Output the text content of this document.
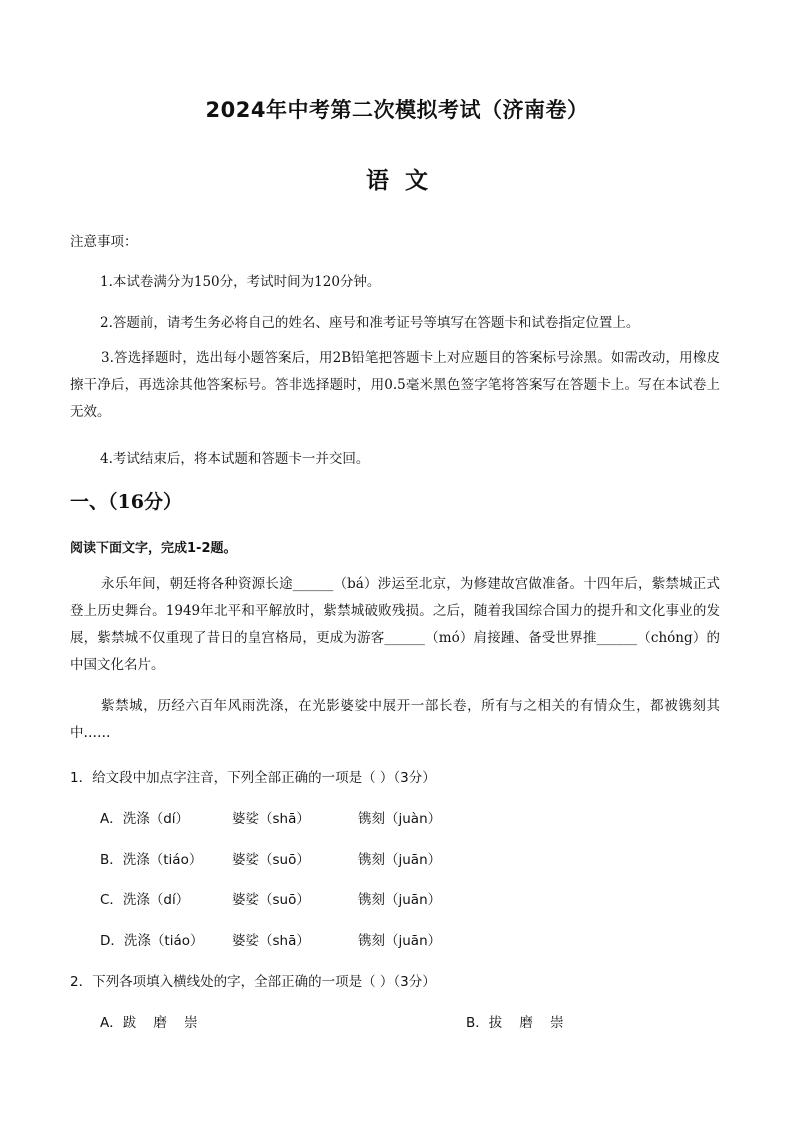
2024年中考第二次模拟考试（济南卷）
语  文
注意事项：
1.本试卷满分为150分，考试时间为120分钟。
2.答题前，请考生务必将自己的姓名、座号和准考证号等填写在答题卡和试卷指定位置上。
3.答选择题时，选出每小题答案后，用2B铅笔把答题卡上对应题目的答案标号涂黑。如需改动，用橡皮擦干净后，再选涂其他答案标号。答非选择题时，用0.5毫米黑色签字笔将答案写在答题卡上。写在本试卷上无效。
4.考试结束后，将本试题和答题卡一并交回。
一、（16分）
阅读下面文字，完成1-2题。
永乐年间，朝廷将各种资源长途______（bá）涉运至北京，为修建故宫做准备。十四年后，紫禁城正式登上历史舞台。1949年北平和平解放时，紫禁城破败残损。之后，随着我国综合国力的提升和文化事业的发展，紫禁城不仅重现了昔日的皇宫格局，更成为游客______（mó）肩接踵、备受世界推______（chóng）的中国文化名片。
紫禁城，历经六百年风雨洗涤，在光影婆娑中展开一部长卷，所有与之相关的有情众生，都被镌刻其中……
1．给文段中加点字注音，下列全部正确的一项是（ ）（3分）
A．洗涤（dí）	婆娑（shā）	镌刻（juàn）
B．洗涤（tiáo） 婆娑（suō）	镌刻（juān）
C．洗涤（dí）	婆娑（suō）	镌刻（juān）
D．洗涤（tiáo） 婆娑（shā）	镌刻（juān）
2．下列各项填入横线处的字，全部正确的一项是（ ）（3分）
A．跋    磨    崇	B．拔    磨    崇
